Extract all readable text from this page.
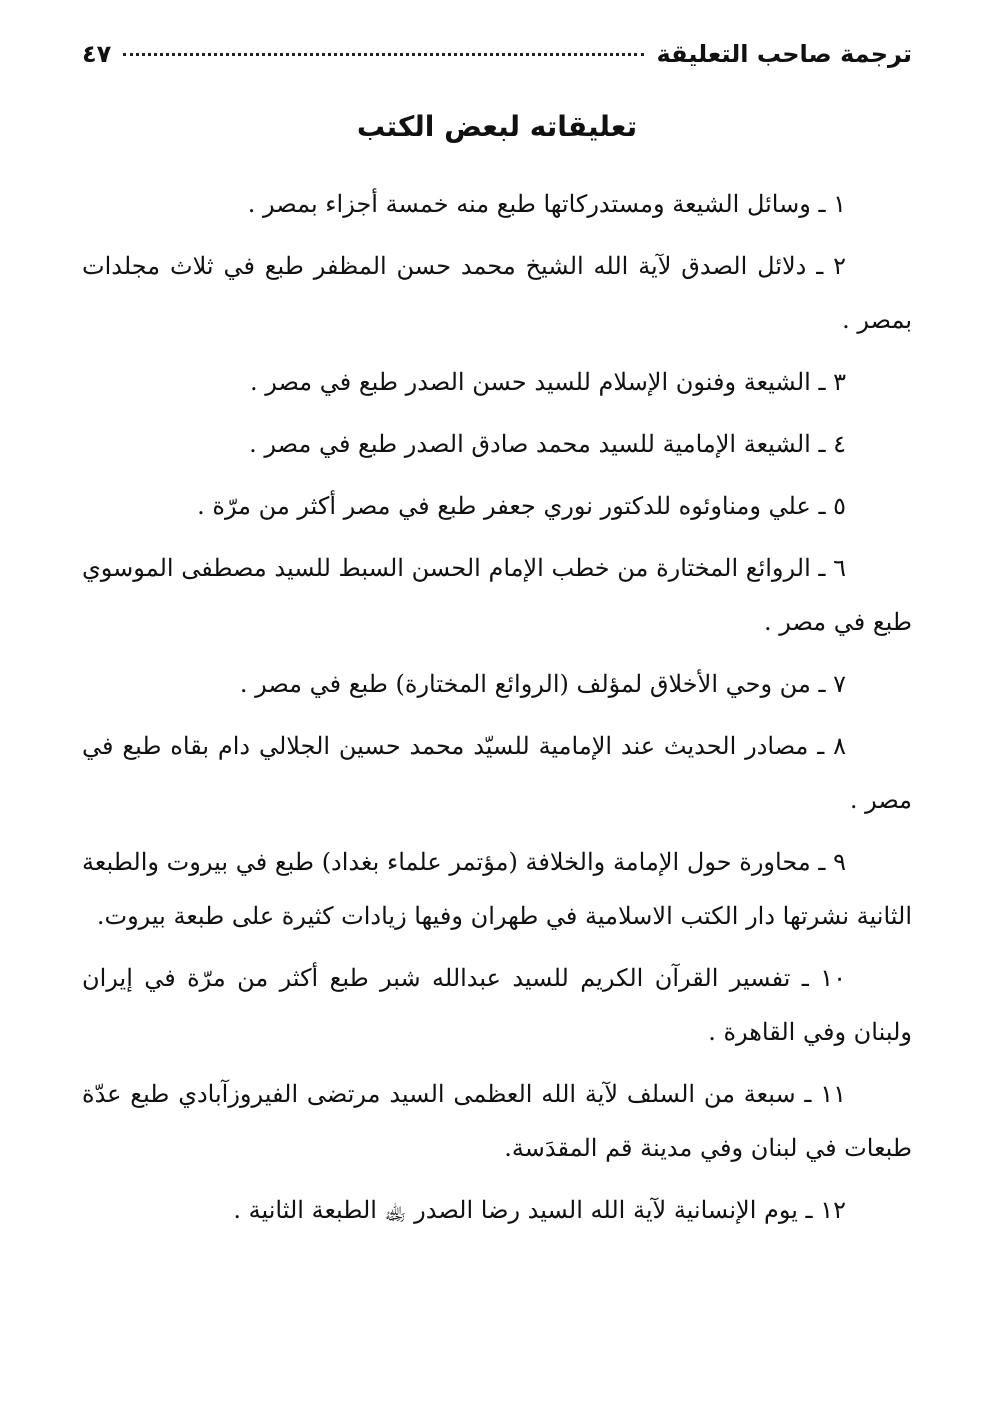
ترجمة صاحب التعليقة
٤٧
تعليقاته لبعض الكتب
١ ـ وسائل الشيعة ومستدركاتها طبع منه خمسة أجزاء بمصر .
٢ ـ دلائل الصدق لآية الله الشيخ محمد حسن المظفر طبع في ثلاث مجلدات بمصر .
٣ ـ الشيعة وفنون الإسلام للسيد حسن الصدر طبع في مصر .
٤ ـ الشيعة الإمامية للسيد محمد صادق الصدر طبع في مصر .
٥ ـ علي ومناوئوه للدكتور نوري جعفر طبع في مصر أكثر من مرّة .
٦ ـ الروائع المختارة من خطب الإمام الحسن السبط للسيد مصطفى الموسوي طبع في مصر .
٧ ـ من وحي الأخلاق لمؤلف (الروائع المختارة) طبع في مصر .
٨ ـ مصادر الحديث عند الإمامية للسيّد محمد حسين الجلالي دام بقاه طبع في مصر .
٩ ـ محاورة حول الإمامة والخلافة (مؤتمر علماء بغداد) طبع في بيروت والطبعة الثانية نشرتها دار الكتب الاسلامية في طهران وفيها زيادات كثيرة على طبعة بيروت.
١٠ ـ تفسير القرآن الكريم للسيد عبدالله شبر طبع أكثر من مرّة في إيران ولبنان وفي القاهرة .
١١ ـ سبعة من السلف لآية الله العظمى السيد مرتضى الفيروزآبادي طبع عدّة طبعات في لبنان وفي مدينة قم المقدَسة.
١٢ ـ يوم الإنسانية لآية الله السيد رضا الصدر ﵀ الطبعة الثانية .
